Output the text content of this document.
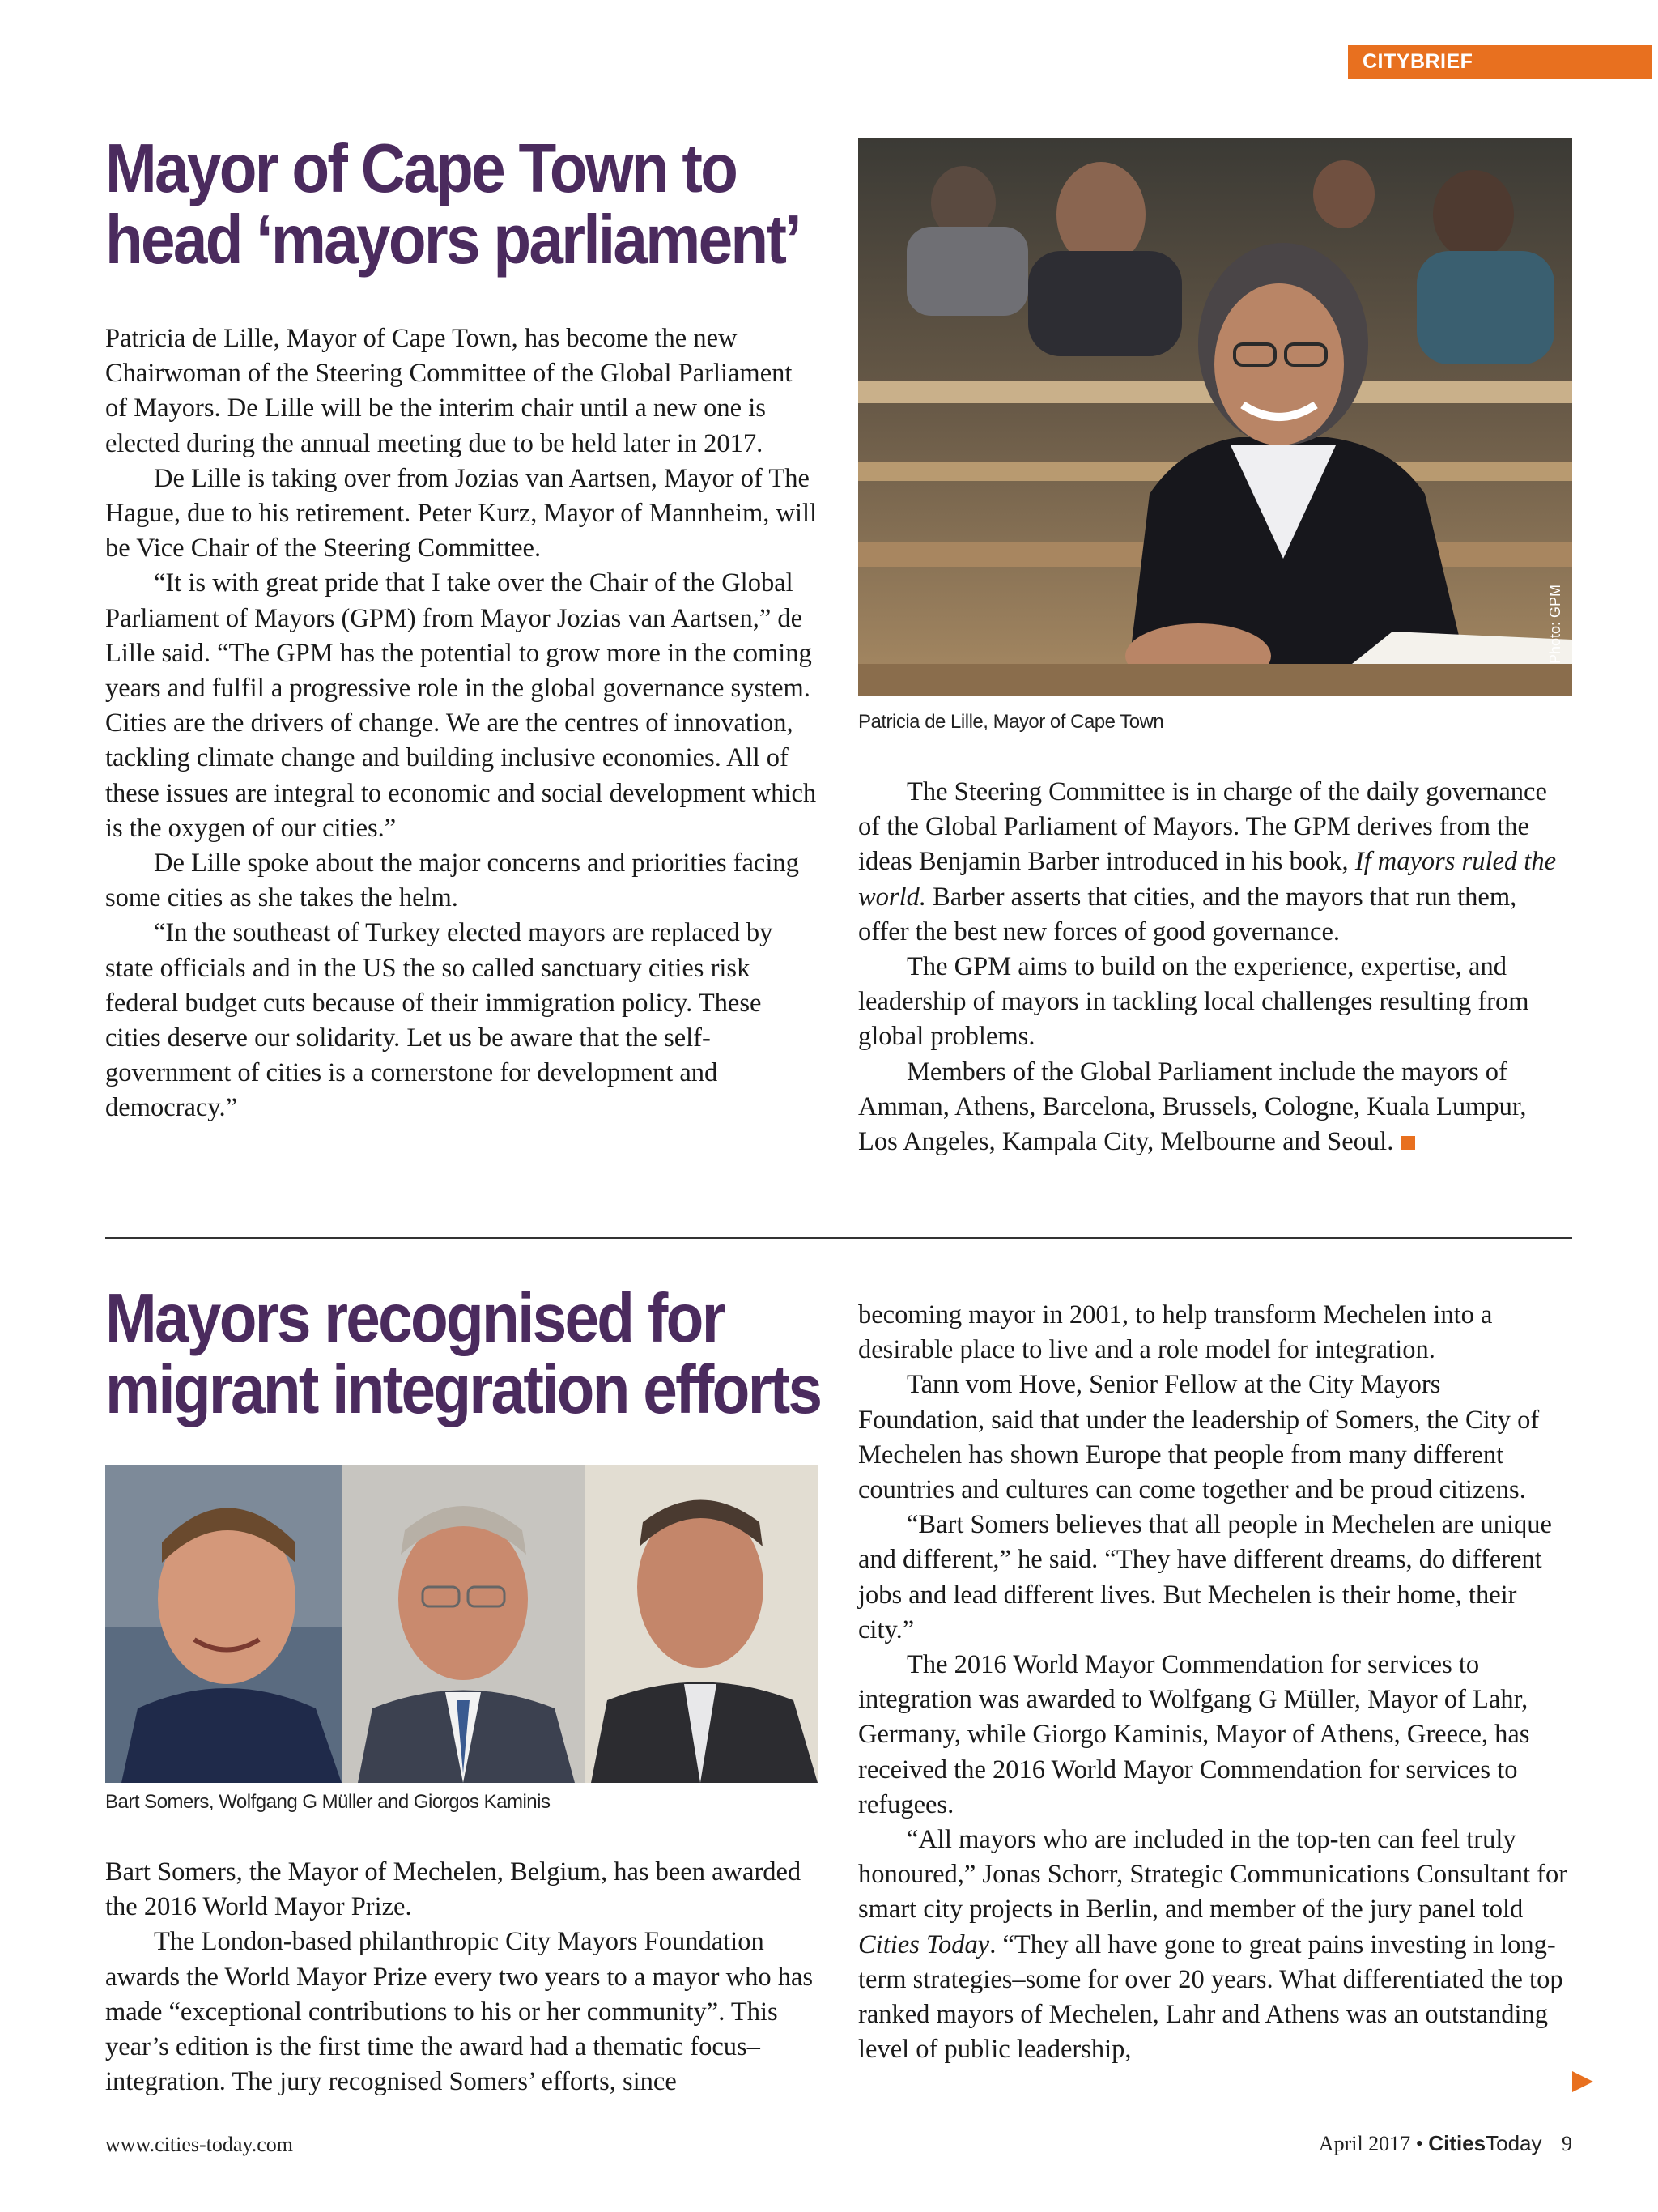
CITYBRIEF
Mayor of Cape Town to
head ‘mayors parliament’

Patricia de Lille, Mayor of Cape Town, has become the new Chairwoman of the Steering Committee of the Global Parliament of Mayors. De Lille will be the interim chair until a new one is elected during the annual meeting due to be held later in 2017.

De Lille is taking over from Jozias van Aartsen, Mayor of The Hague, due to his retirement. Peter Kurz, Mayor of Mannheim, will be Vice Chair of the Steering Committee.

“It is with great pride that I take over the Chair of the Global Parliament of Mayors (GPM) from Mayor Jozias van Aartsen,” de Lille said. “The GPM has the potential to grow more in the coming years and fulfil a progressive role in the global governance system. Cities are the drivers of change. We are the centres of innovation, tackling climate change and building inclusive economies. All of these issues are integral to economic and social development which is the oxygen of our cities.”

De Lille spoke about the major concerns and priorities facing some cities as she takes the helm.

“In the southeast of Turkey elected mayors are replaced by state officials and in the US the so called sanctuary cities risk federal budget cuts because of their immigration policy. These cities deserve our solidarity. Let us be aware that the self-government of cities is a cornerstone for development and democracy.”

Photo: GPM
Patricia de Lille, Mayor of Cape Town

The Steering Committee is in charge of the daily governance of the Global Parliament of Mayors. The GPM derives from the ideas Benjamin Barber introduced in his book, If mayors ruled the world. Barber asserts that cities, and the mayors that run them, offer the best new forces of good governance.

The GPM aims to build on the experience, expertise, and leadership of mayors in tackling local challenges resulting from global problems.

Members of the Global Parliament include the mayors of Amman, Athens, Barcelona, Brussels, Cologne, Kuala Lumpur, Los Angeles, Kampala City, Melbourne and Seoul.

Mayors recognised for
migrant integration efforts
Bart Somers, Wolfgang G Müller and Giorgos Kaminis

Bart Somers, the Mayor of Mechelen, Belgium, has been awarded the 2016 World Mayor Prize.

The London-based philanthropic City Mayors Foundation awards the World Mayor Prize every two years to a mayor who has made “exceptional contributions to his or her community”. This year’s edition is the first time the award had a thematic focus–integration. The jury recognised Somers’ efforts, since

becoming mayor in 2001, to help transform Mechelen into a desirable place to live and a role model for integration.

Tann vom Hove, Senior Fellow at the City Mayors Foundation, said that under the leadership of Somers, the City of Mechelen has shown Europe that people from many different countries and cultures can come together and be proud citizens.

“Bart Somers believes that all people in Mechelen are unique and different,” he said. “They have different dreams, do different jobs and lead different lives. But Mechelen is their home, their city.”

The 2016 World Mayor Commendation for services to integration was awarded to Wolfgang G Müller, Mayor of Lahr, Germany, while Giorgo Kaminis, Mayor of Athens, Greece, has received the 2016 World Mayor Commendation for services to refugees.

“All mayors who are included in the top-ten can feel truly honoured,” Jonas Schorr, Strategic Communications Consultant for smart city projects in Berlin, and member of the jury panel told Cities Today. “They all have gone to great pains investing in long-term strategies–some for over 20 years. What differentiated the top ranked mayors of Mechelen, Lahr and Athens was an outstanding level of public leadership,

www.cities-today.com	April 2017 • CitiesToday 9
